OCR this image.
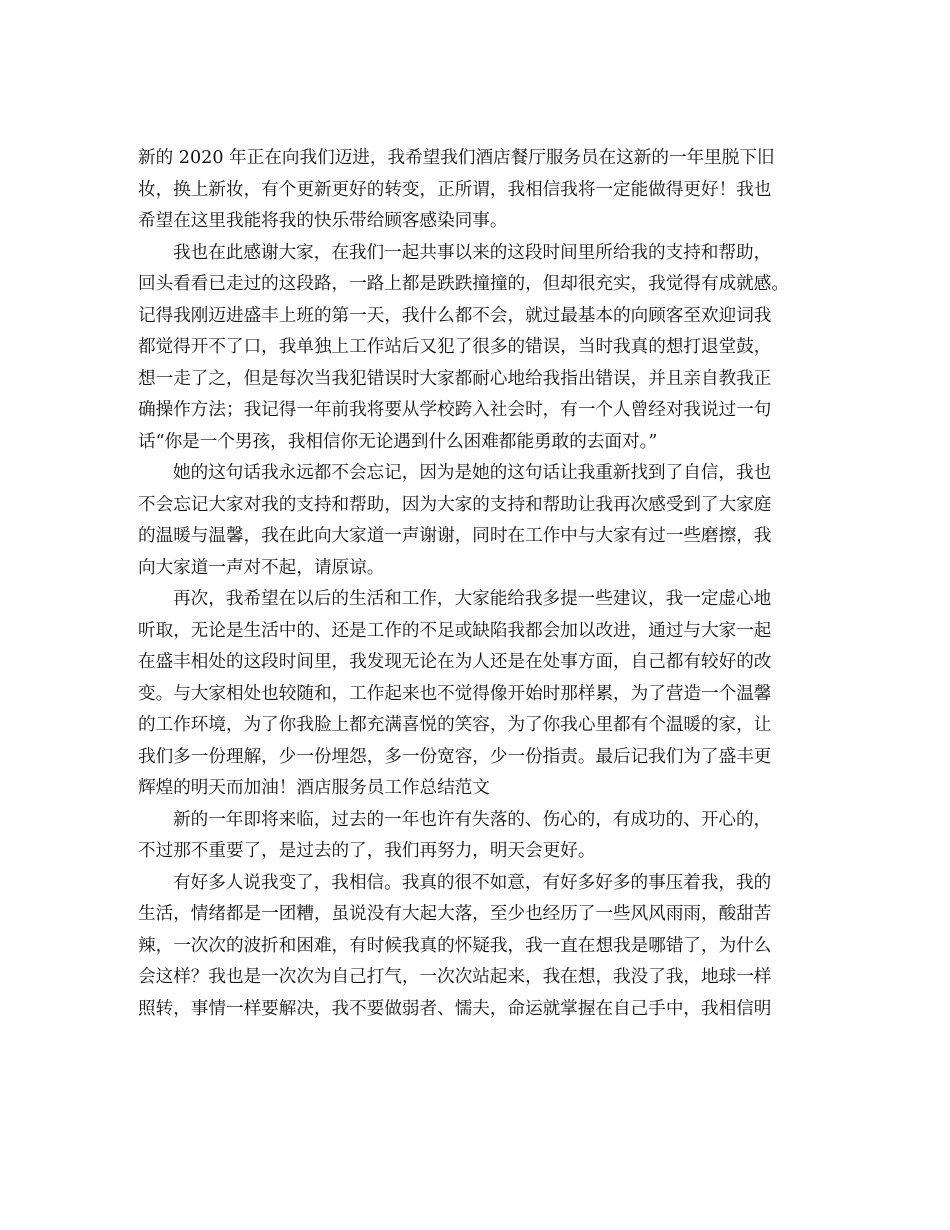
新的 2020 年正在向我们迈进，我希望我们酒店餐厅服务员在这新的一年里脱下旧
妆，换上新妆，有个更新更好的转变，正所谓，我相信我将一定能做得更好！我也
希望在这里我能将我的快乐带给顾客感染同事。
我也在此感谢大家，在我们一起共事以来的这段时间里所给我的支持和帮助，
回头看看已走过的这段路，一路上都是跌跌撞撞的，但却很充实，我觉得有成就感。
记得我刚迈进盛丰上班的第一天，我什么都不会，就过最基本的向顾客至欢迎词我
都觉得开不了口，我单独上工作站后又犯了很多的错误，当时我真的想打退堂鼓，
想一走了之，但是每次当我犯错误时大家都耐心地给我指出错误，并且亲自教我正
确操作方法；我记得一年前我将要从学校跨入社会时，有一个人曾经对我说过一句
话“你是一个男孩，我相信你无论遇到什么困难都能勇敢的去面对。”
她的这句话我永远都不会忘记，因为是她的这句话让我重新找到了自信，我也
不会忘记大家对我的支持和帮助，因为大家的支持和帮助让我再次感受到了大家庭
的温暖与温馨，我在此向大家道一声谢谢，同时在工作中与大家有过一些磨擦，我
向大家道一声对不起，请原谅。
再次，我希望在以后的生活和工作，大家能给我多提一些建议，我一定虚心地
听取，无论是生活中的、还是工作的不足或缺陷我都会加以改进，通过与大家一起
在盛丰相处的这段时间里，我发现无论在为人还是在处事方面，自己都有较好的改
变。与大家相处也较随和，工作起来也不觉得像开始时那样累，为了营造一个温馨
的工作环境，为了你我脸上都充满喜悦的笑容，为了你我心里都有个温暖的家，让
我们多一份理解，少一份埋怨，多一份宽容，少一份指责。最后记我们为了盛丰更
辉煌的明天而加油！酒店服务员工作总结范文
新的一年即将来临，过去的一年也许有失落的、伤心的，有成功的、开心的，
不过那不重要了，是过去的了，我们再努力，明天会更好。
有好多人说我变了，我相信。我真的很不如意，有好多好多的事压着我，我的
生活，情绪都是一团糟，虽说没有大起大落，至少也经历了一些风风雨雨，酸甜苦
辣，一次次的波折和困难，有时候我真的怀疑我，我一直在想我是哪错了，为什么
会这样？我也是一次次为自己打气，一次次站起来，我在想，我没了我，地球一样
照转，事情一样要解决，我不要做弱者、懦夫，命运就掌握在自己手中，我相信明
